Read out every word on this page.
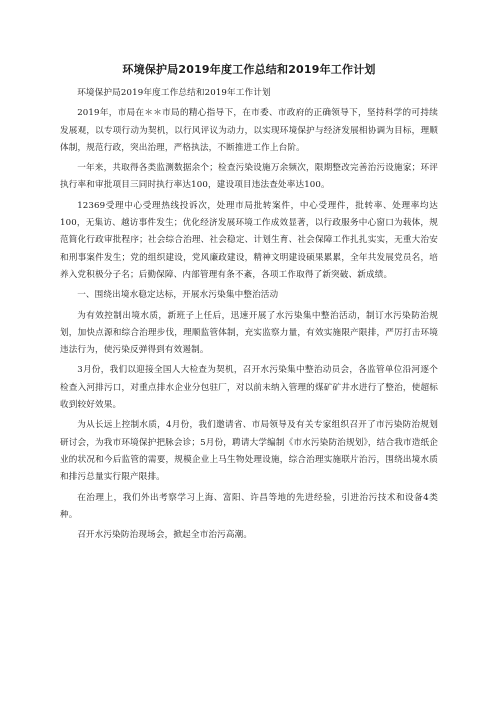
环境保护局2019年度工作总结和2019年工作计划

环境保护局2019年度工作总结和2019年工作计划

2019年，市局在＊＊市局的精心指导下，在市委、市政府的正确领导下，坚持科学的可持续发展观，以专项行动为契机，以行风评议为动力，以实现环境保护与经济发展相协调为目标，理顺体制，规范行政，突出治理，严格执法，不断推进工作上台阶。

一年来，共取得各类监测数据余个；检查污染设施万余频次，限期整改完善治污设施家；环评执行率和审批项目三同时执行率达100，建设项目违法查处率达100。

12369受理中心受理热线投诉次，处理市局批转案件，中心受理件，批转率、处理率均达100，无集访、越访事件发生；优化经济发展环境工作成效显著，以行政服务中心窗口为载体，规范简化行政审批程序；社会综合治理、社会稳定、计划生育、社会保障工作扎扎实实，无重大治安和刑事案件发生；党的组织建设，党风廉政建设，精神文明建设硕果累累，全年共发展党员名，培养入党积极分子名；后勤保障、内部管理有条不紊，各项工作取得了新突破、新成绩。

一、围绕出境水稳定达标，开展水污染集中整治活动

为有效控制出境水质，新班子上任后，迅速开展了水污染集中整治活动，制订水污染防治规划，加快点源和综合治理步伐，理顺监管体制，充实监察力量，有效实施限产限排，严厉打击环境违法行为，使污染反弹得到有效遏制。

3月份，我们以迎接全国人大检查为契机，召开水污染集中整治动员会，各监管单位沿河逐个检查入河排污口，对重点排水企业分包驻厂，对以前未纳入管理的煤矿矿井水进行了整治，使超标收到较好效果。

为从长远上控制水质，4月份，我们邀请省、市局领导及有关专家组织召开了市污染防治规划研讨会，为我市环境保护把脉会诊；5月份，聘请大学编制《市水污染防治规划》，结合我市造纸企业的状况和今后监管的需要，规模企业上马生物处理设施，综合治理实施联片治污，围绕出境水质和排污总量实行限产限排。

在治理上，我们外出考察学习上海、富阳、许昌等地的先进经验，引进治污技术和设备4类种。

召开水污染防治现场会，掀起全市治污高潮。
